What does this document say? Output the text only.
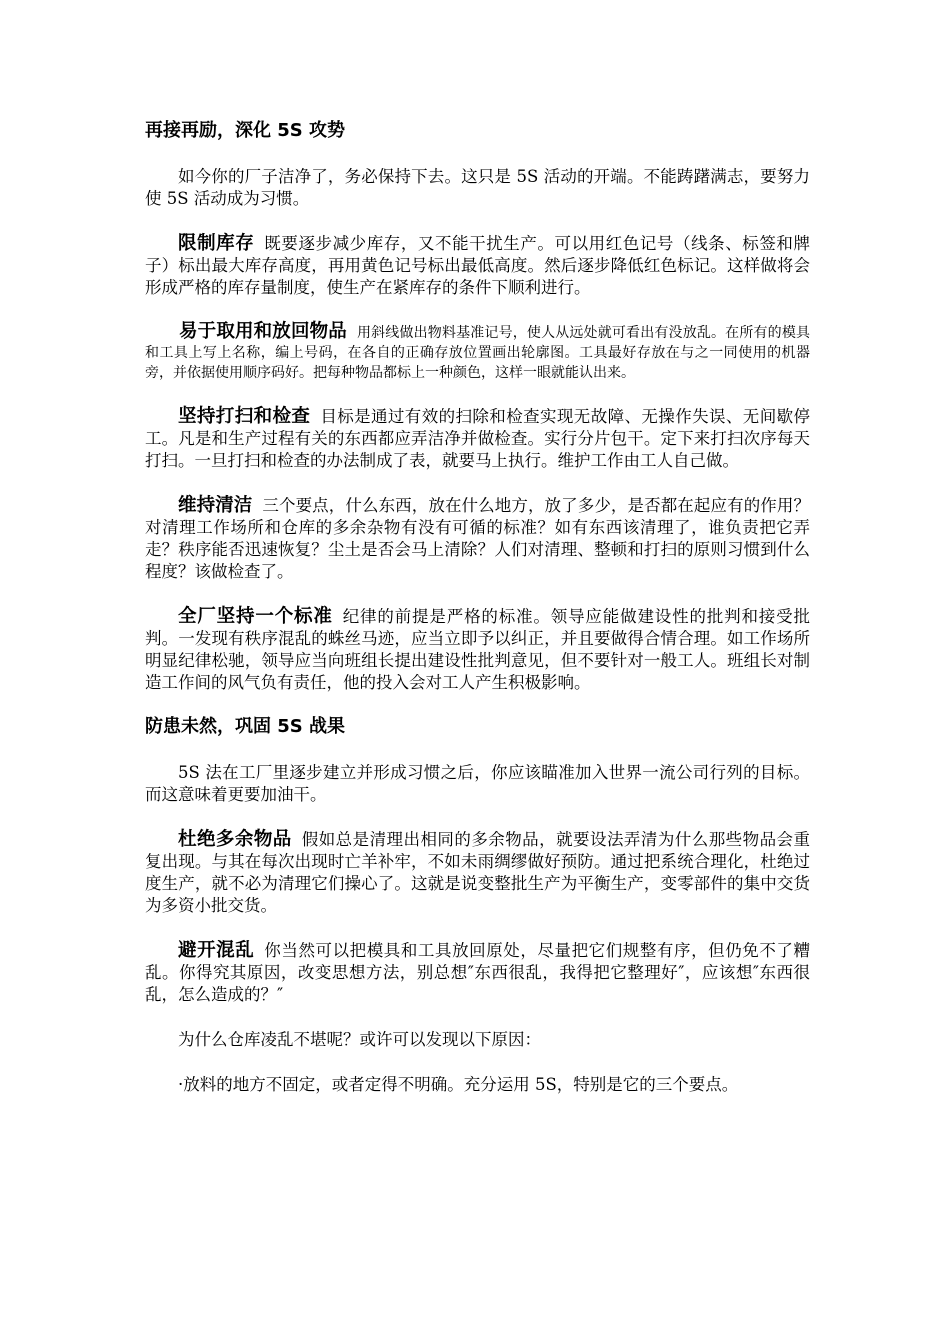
再接再励，深化 5S 攻势

如今你的厂子洁净了，务必保持下去。这只是 5S 活动的开端。不能踌躇满志，要努力使 5S 活动成为习惯。

限制库存 既要逐步减少库存，又不能干扰生产。可以用红色记号（线条、标签和牌子）标出最大库存高度，再用黄色记号标出最低高度。然后逐步降低红色标记。这样做将会形成严格的库存量制度，使生产在紧库存的条件下顺利进行。

易于取用和放回物品 用斜线做出物料基准记号，使人从远处就可看出有没放乱。在所有的模具和工具上写上名称，编上号码，在各自的正确存放位置画出轮廓图。工具最好存放在与之一同使用的机器旁，并依据使用顺序码好。把每种物品都标上一种颜色，这样一眼就能认出来。

坚持打扫和检查 目标是通过有效的扫除和检查实现无故障、无操作失误、无间歇停工。凡是和生产过程有关的东西都应弄洁净并做检查。实行分片包干。定下来打扫次序每天打扫。一旦打扫和检查的办法制成了表，就要马上执行。维护工作由工人自己做。

维持清洁 三个要点，什么东西，放在什么地方，放了多少，是否都在起应有的作用？对清理工作场所和仓库的多余杂物有没有可循的标准？如有东西该清理了，谁负责把它弄走？秩序能否迅速恢复？尘土是否会马上清除？人们对清理、整顿和打扫的原则习惯到什么程度？该做检查了。

全厂坚持一个标准 纪律的前提是严格的标准。领导应能做建设性的批判和接受批判。一发现有秩序混乱的蛛丝马迹，应当立即予以纠正，并且要做得合情合理。如工作场所明显纪律松驰，领导应当向班组长提出建设性批判意见，但不要针对一般工人。班组长对制造工作间的风气负有责任，他的投入会对工人产生积极影响。

防患未然，巩固 5S 战果

5S 法在工厂里逐步建立并形成习惯之后，你应该瞄准加入世界一流公司行列的目标。而这意味着更要加油干。

杜绝多余物品 假如总是清理出相同的多余物品，就要设法弄清为什么那些物品会重复出现。与其在每次出现时亡羊补牢，不如未雨绸缪做好预防。通过把系统合理化，杜绝过度生产，就不必为清理它们操心了。这就是说变整批生产为平衡生产，变零部件的集中交货为多资小批交货。

避开混乱 你当然可以把模具和工具放回原处，尽量把它们规整有序，但仍免不了糟乱。你得究其原因，改变思想方法，别总想″东西很乱，我得把它整理好″，应该想″东西很乱，怎么造成的？″

为什么仓库凌乱不堪呢？或许可以发现以下原因：

·放料的地方不固定，或者定得不明确。充分运用 5S，特别是它的三个要点。
